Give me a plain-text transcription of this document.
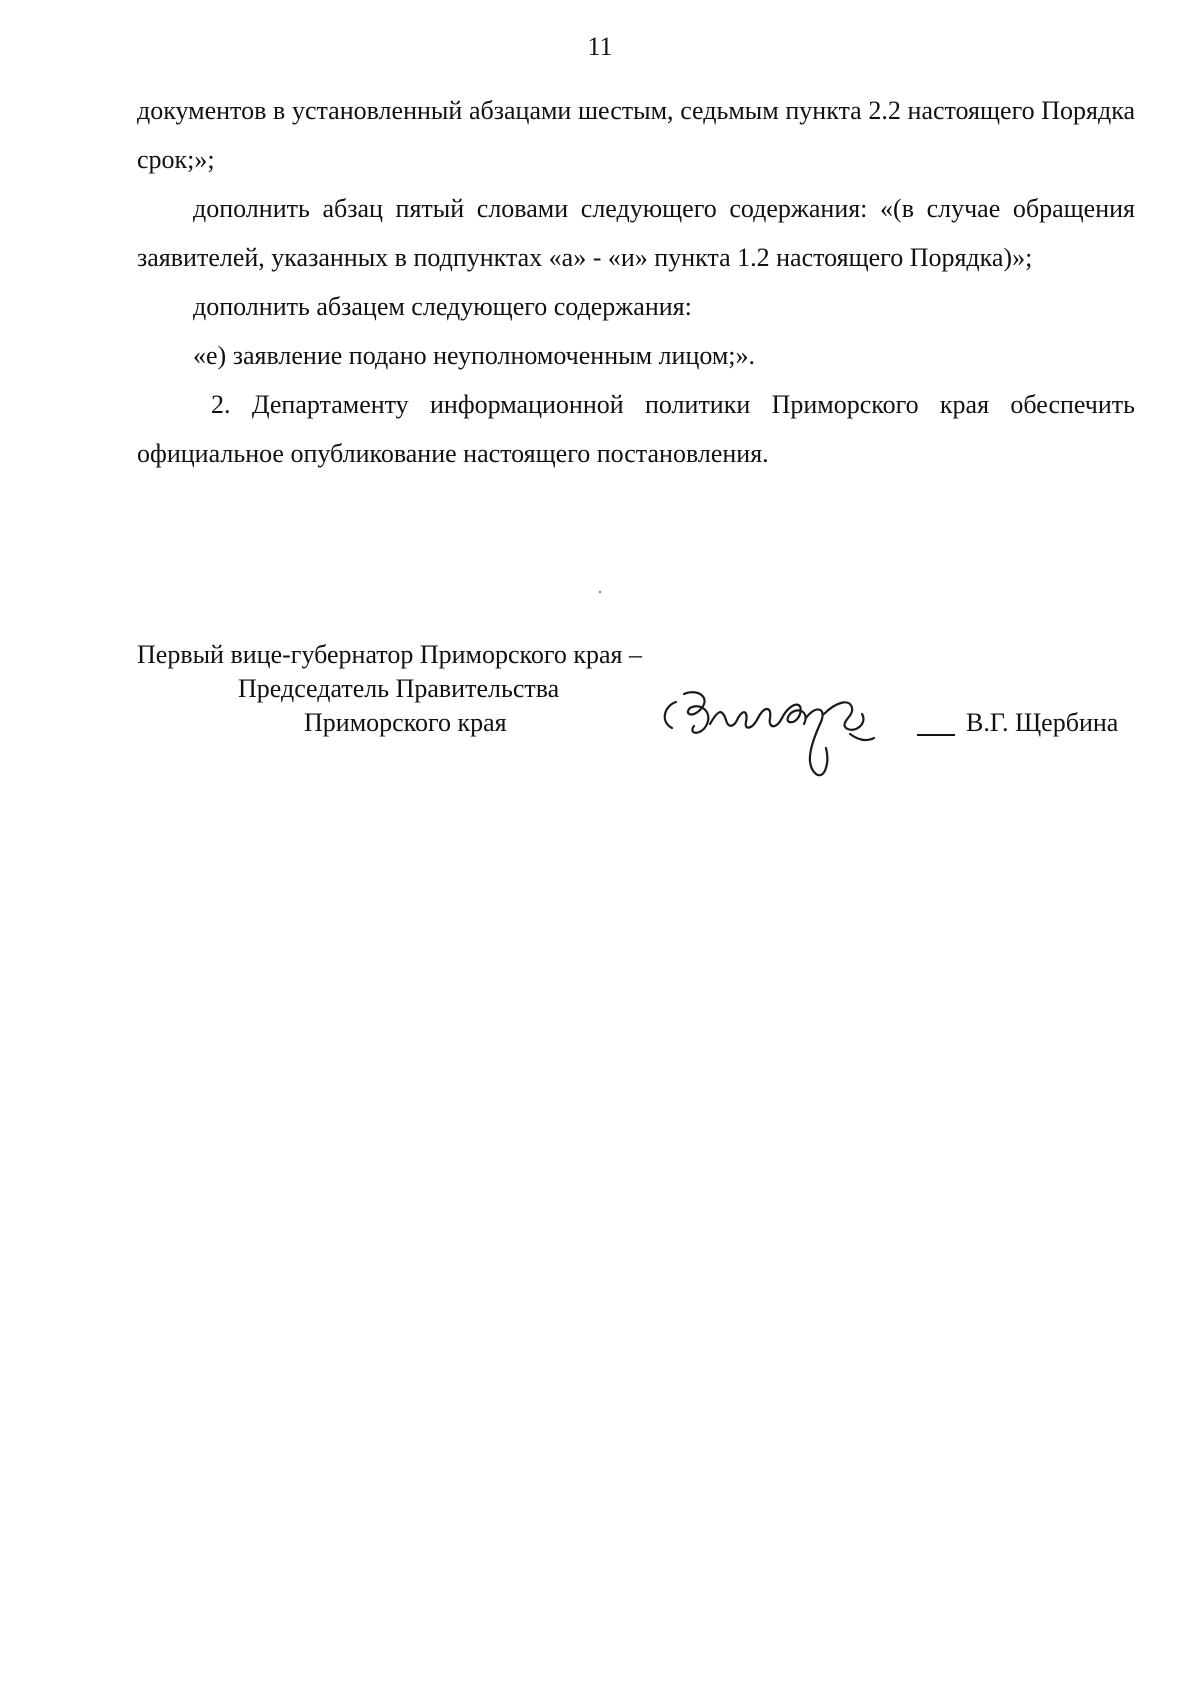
11

документов в установленный абзацами шестым, седьмым пункта 2.2 настоящего Порядка срок;»;

дополнить абзац пятый словами следующего содержания: «(в случае обращения заявителей, указанных в подпунктах «а» - «и» пункта 1.2 настоящего Порядка)»;

дополнить абзацем следующего содержания:

«е) заявление подано неуполномоченным лицом;».

2. Департаменту информационной политики Приморского края обеспечить официальное опубликование настоящего постановления.

Первый вице-губернатор Приморского края –
Председатель Правительства
Приморского края	В.Г. Щербина
